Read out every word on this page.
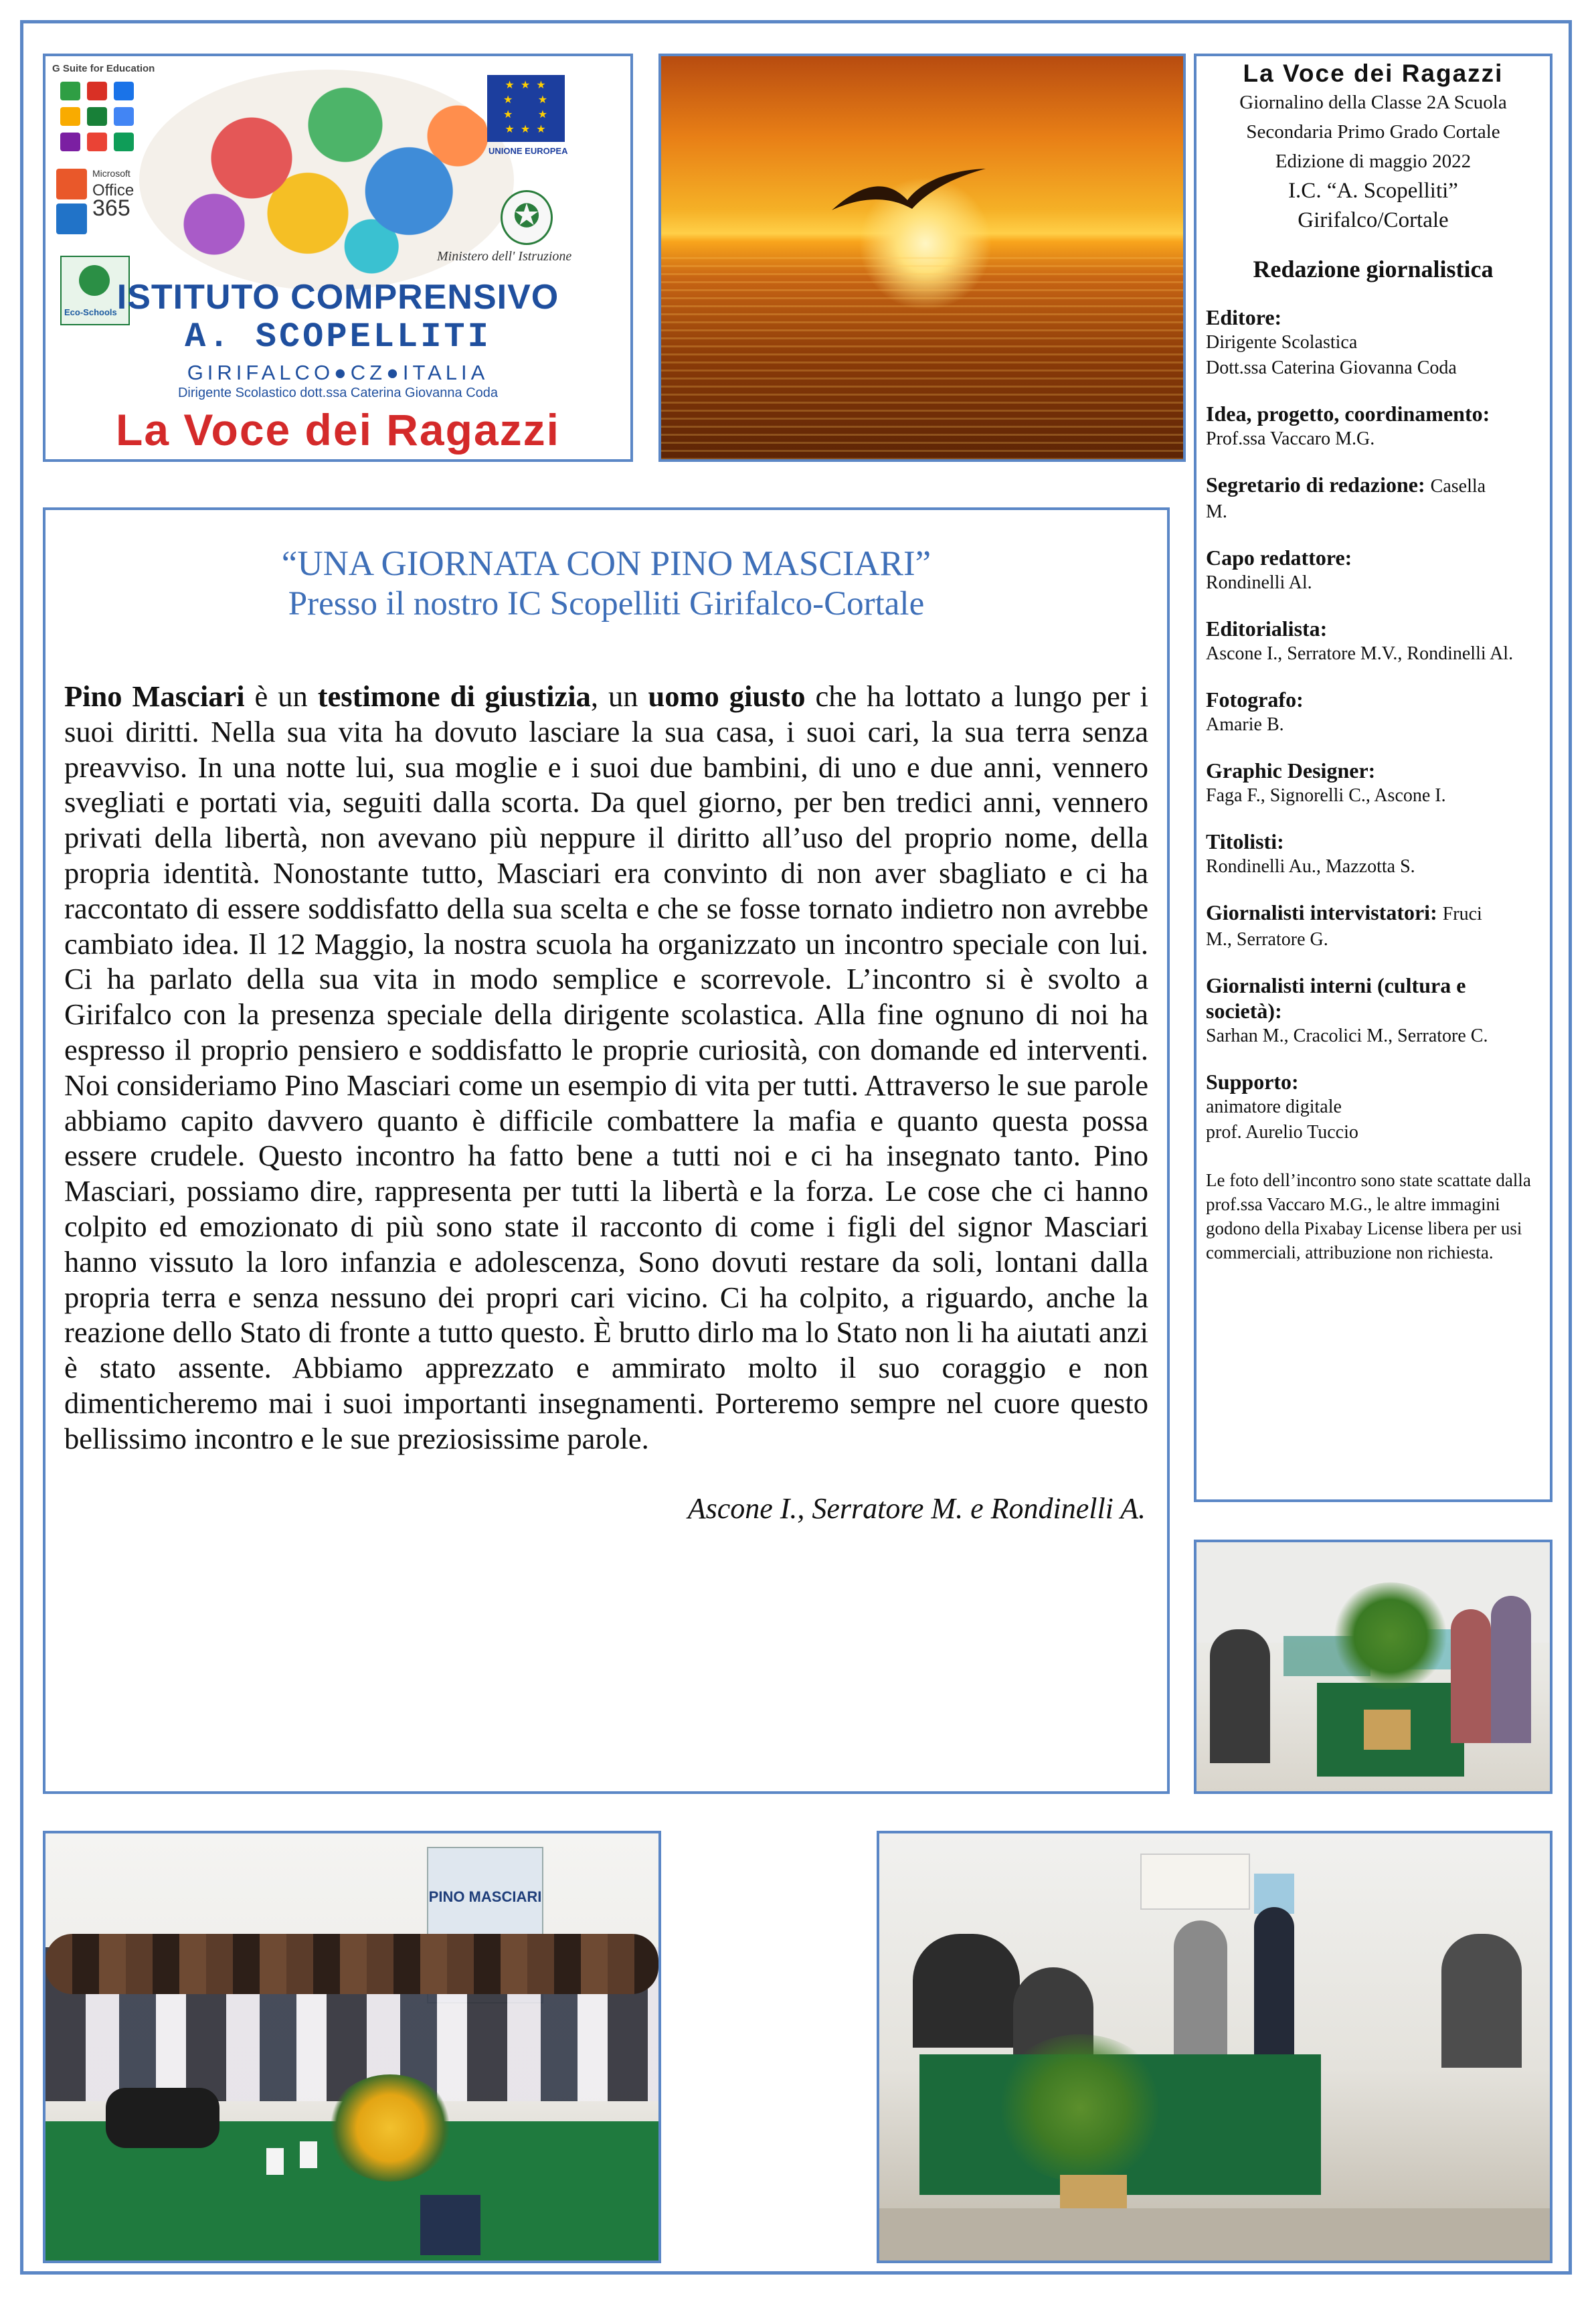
G Suite for Education
Microsoft
Office
365
Eco-Schools
★ ★ ★
★     ★
★     ★
★ ★ ★
UNIONE EUROPEA
✪
Ministero dell' Istruzione
ISTITUTO COMPRENSIVO
A. SCOPELLITI
GIRIFALCO●CZ●ITALIA
Dirigente Scolastico dott.ssa Caterina Giovanna Coda
La Voce dei Ragazzi
La Voce dei Ragazzi
Giornalino della Classe 2A Scuola
Secondaria Primo Grado Cortale
Edizione di maggio 2022
I.C. “A. Scopelliti”
Girifalco/Cortale
Redazione giornalistica
Editore:
Dirigente Scolastica
Dott.ssa Caterina Giovanna Coda
Idea, progetto, coordinamento:
Prof.ssa Vaccaro M.G.
Segretario di redazione: Casella
M.
Capo redattore:
Rondinelli Al.
Editorialista:
Ascone I., Serratore M.V., Rondinelli Al.
Fotografo:
Amarie B.
Graphic Designer:
Faga F., Signorelli C., Ascone I.
Titolisti:
Rondinelli Au., Mazzotta S.
Giornalisti intervistatori: Fruci
M., Serratore G.
Giornalisti interni (cultura e società):
Sarhan M., Cracolici M., Serratore C.
Supporto:
animatore digitale
prof. Aurelio Tuccio
Le foto dell’incontro sono state scattate dalla prof.ssa Vaccaro M.G., le altre immagini godono della Pixabay License libera per usi commerciali, attribuzione non richiesta.
“UNA GIORNATA CON PINO MASCIARI”
Presso il nostro IC Scopelliti Girifalco-Cortale
Pino Masciari è un testimone di giustizia, un uomo giusto che ha lottato a lungo per i suoi diritti. Nella sua vita ha dovuto lasciare la sua casa, i suoi cari, la sua terra senza preavviso. In una notte lui, sua moglie e i suoi due bambini, di uno e due anni, vennero svegliati e portati via, seguiti dalla scorta. Da quel giorno, per ben tredici anni, vennero privati della libertà, non avevano più neppure il diritto all’uso del proprio nome, della propria identità. Nonostante tutto, Masciari era convinto di non aver sbagliato e ci ha raccontato di essere soddisfatto della sua scelta e che se fosse tornato indietro non avrebbe cambiato idea. Il 12 Maggio, la nostra scuola ha organizzato un incontro speciale con lui. Ci ha parlato della sua vita in modo semplice e scorrevole. L’incontro si è svolto a Girifalco con la presenza speciale della dirigente scolastica. Alla fine ognuno di noi ha espresso il proprio pensiero e soddisfatto le proprie curiosità, con domande ed interventi. Noi consideriamo Pino Masciari come un esempio di vita per tutti. Attraverso le sue parole abbiamo capito davvero quanto è difficile combattere la mafia e quanto questa possa essere crudele. Questo incontro ha fatto bene a tutti noi e ci ha insegnato tanto. Pino Masciari, possiamo dire, rappresenta per tutti la libertà e la forza. Le cose che ci hanno colpito ed emozionato di più sono state il racconto di come i figli del signor Masciari hanno vissuto la loro infanzia e adolescenza, Sono dovuti restare da soli, lontani dalla propria terra e senza nessuno dei propri cari vicino. Ci ha colpito, a riguardo, anche la reazione dello Stato di fronte a tutto questo. È brutto dirlo ma lo Stato non li ha aiutati anzi è stato assente. Abbiamo apprezzato e ammirato molto il suo coraggio e non dimenticheremo mai i suoi importanti insegnamenti. Porteremo sempre nel cuore questo bellissimo incontro e le sue preziosissime parole.
Ascone I., Serratore M. e Rondinelli A.
PINO MASCIARI
